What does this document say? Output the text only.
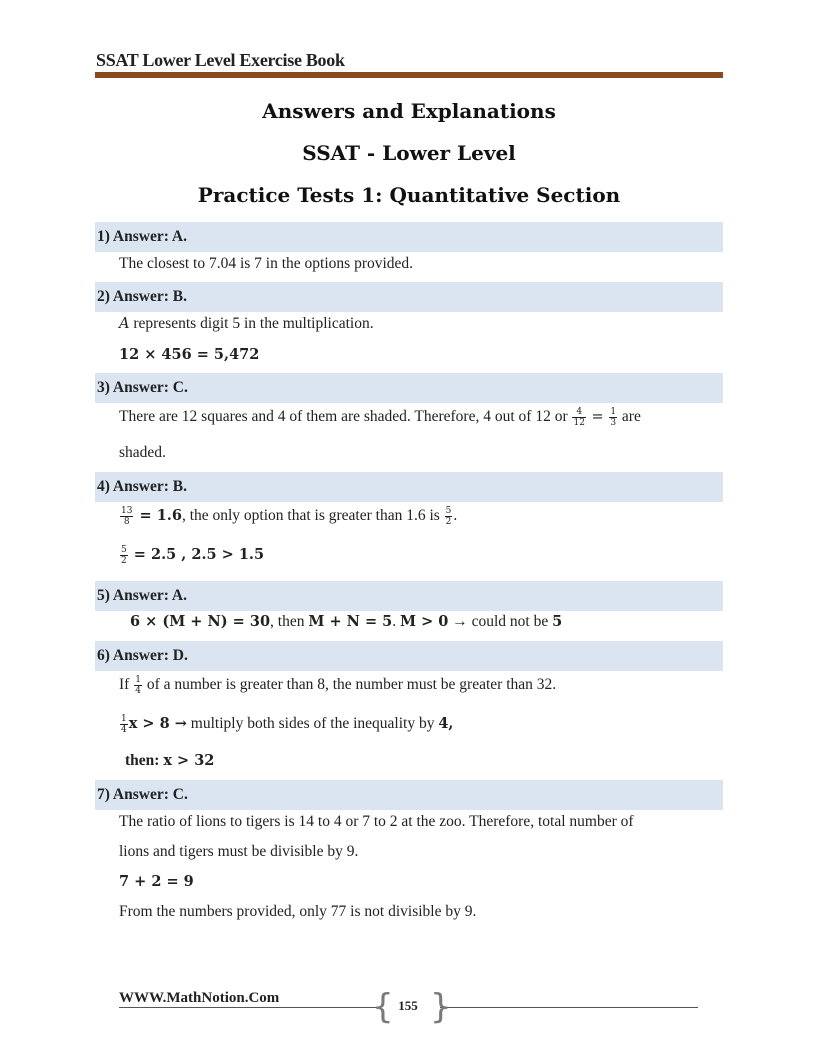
SSAT Lower Level Exercise Book
Answers and Explanations
SSAT - Lower Level
Practice Tests 1: Quantitative Section
1) Answer: A.
The closest to 7.04 is 7 in the options provided.
2) Answer: B.
A represents digit 5 in the multiplication.
12 × 456 = 5,472
3) Answer: C.
There are 12 squares and 4 of them are shaded. Therefore, 4 out of 12 or $\frac{4}{12} = \frac{1}{3}$ are
shaded.
4) Answer: B.
$\frac{13}{8} = 1.6$, the only option that is greater than 1.6 is $\frac{5}{2}$ .
$\frac{5}{2} = 2.5$ , 2.5 > 1.5
5) Answer: A.
6 × (M + N) = 30, then M + N = 5. M > 0 → could not be 5
6) Answer: D.
If $\frac{1}{4}$ of a number is greater than 8, the number must be greater than 32.
$\frac{1}{4}$ x > 8 → multiply both sides of the inequality by 4,
then: x > 32
7) Answer: C.
The ratio of lions to tigers is 14 to 4 or 7 to 2 at the zoo. Therefore, total number of
lions and tigers must be divisible by 9.
7 + 2 = 9
From the numbers provided, only 77 is not divisible by 9.
WWW.MathNotion.Com	{ }
155
